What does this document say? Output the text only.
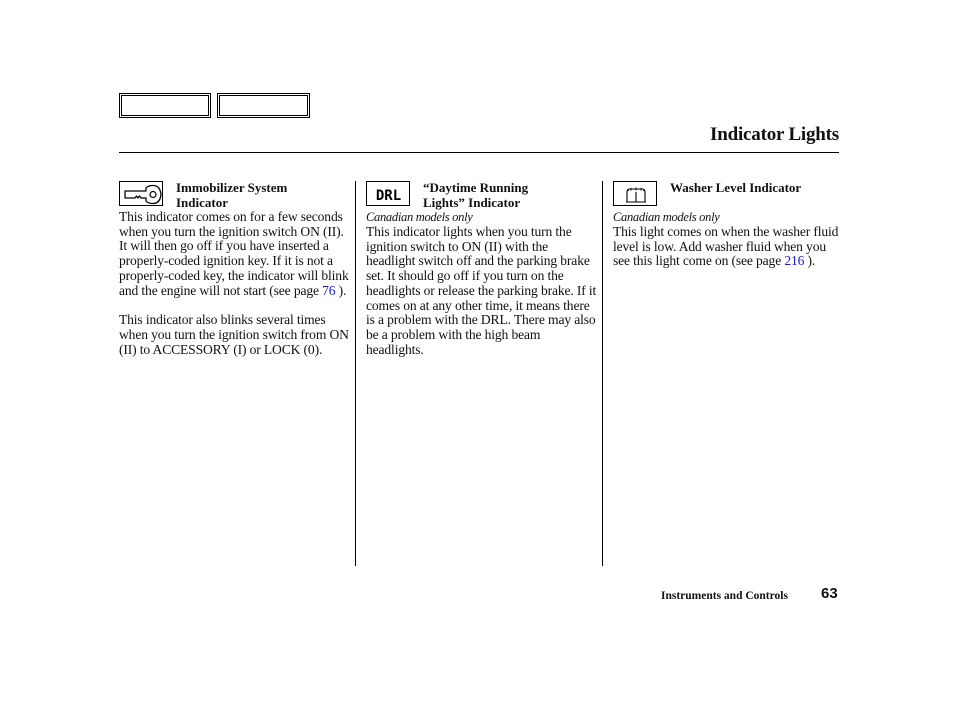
Indicator Lights
Immobilizer System
Indicator

This indicator comes on for a few seconds when you turn the ignition switch ON (II). It will then go off if you have inserted a properly-coded ignition key. If it is not a properly-coded key, the indicator will blink and the engine will not start (see page 76 ).

This indicator also blinks several times when you turn the ignition switch from ON (II) to ACCESSORY (I) or LOCK (0).

DRL
“Daytime Running
Lights” Indicator

Canadian models only

This indicator lights when you turn the ignition switch to ON (II) with the headlight switch off and the parking brake set. It should go off if you turn on the headlights or release the parking brake. If it comes on at any other time, it means there is a problem with the DRL. There may also be a problem with the high beam headlights.

Washer Level Indicator

Canadian models only

This light comes on when the washer fluid level is low. Add washer fluid when you see this light come on (see page 216 ).

Instruments and Controls 63
